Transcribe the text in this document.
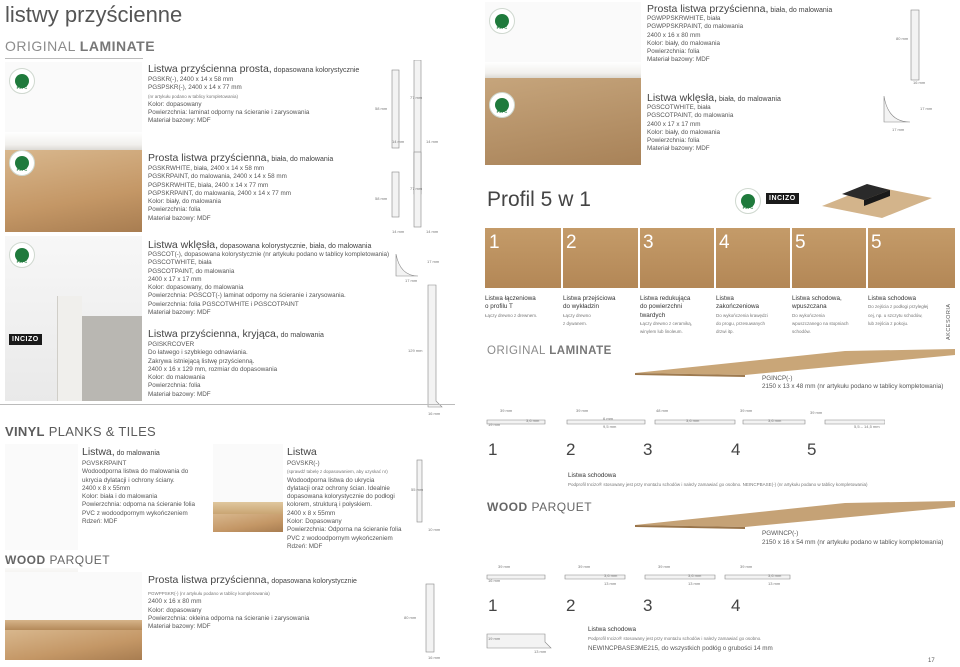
listwy przyścienne
ORIGINAL LAMINATE
PEFC
PEFC
Listwa przyścienna prosta, dopasowana kolorystycznie
PGSKR(-), 2400 x 14 x 58 mm
PGSPSKR(-), 2400 x 14 x 77 mm
(nr artykułu podano w tablicy kompletowania)
Kolor: dopasowany
Powierzchnia: laminat odporny na ścieranie i zarysowania
Materiał bazowy: MDF
Prosta listwa przyścienna, biała, do malowania
PGSKRWHITE, biała, 2400 x 14 x 58 mm
PGSKRPAINT, do malowania, 2400 x 14 x 58 mm
PGPSKRWHITE, biała, 2400 x 14 x 77 mm
PGPSKRPAINT, do malowania, 2400 x 14 x 77 mm
Kolor: biały, do malowania
Powierzchnia: folia
Materiał bazowy: MDF
58 mm
77 mm
14 mm	14 mm
58 mm
77 mm
14 mm	14 mm
PEFC
INCIZO
Listwa wklęsła, dopasowana kolorystycznie, biała, do malowania
PGSCOT(-), dopasowana kolorystycznie (nr artykułu podano w tablicy kompletowania)
PGSCOTWHITE, biała
PGSCOTPAINT, do malowania
2400 x 17 x 17 mm
Kolor: dopasowany, do malowania
Powierzchnia: PGSCOT(-) laminat odporny na ścieranie i zarysowania.
Powierzchnia: folia PGSCOTWHITE i PGSCOTPAINT
Materiał bazowy: MDF
17 mm
17 mm
Listwa przyścienna, kryjąca, do malowania
PGISKRCOVER
Do łatwego i szybkiego odnawiania.
Zakrywa istniejącą listwę przyścienną.
2400 x 16 x 129 mm, rozmiar do dopasowania
Kolor: do malowania
Powierzchnia: folia
Materiał bazowy: MDF
129 mm
16 mm
VINYL PLANKS & TILES
WOOD PARQUET
Listwa, do malowania
PGVSKRPAINT
Wodoodporna listwa do malowania do
ukrycia dylatacji i ochrony ściany.
2400 x 8 x 55mm
Kolor: biała i do malowania
Powierzchnia: odporna na ścieranie folia
PVC z wodoodpornym wykończeniem
Rdzeń: MDF
Listwa
PGVSKR(-)
(sprawdź tabelę z dopasowaniem, aby uzyskać nr)
Wodoodporna listwa do ukrycia
dylatacji oraz ochrony ścian. Idealnie
dopasowana kolorystycznie do podłogi
kolorem, strukturą i połyskiem.
2400 x 8 x 55mm
Kolor: Dopasowany
Powierzchnia: Odporna na ścieranie folia
PVC z wodoodpornym wykończeniem
Rdzeń: MDF
55 mm
10 mm
Prosta listwa przyścienna, dopasowana kolorystycznie
PGWPPSKR(-) (nr artykułu podano w tablicy kompletowania)
2400 x 16 x 80 mm
Kolor: dopasowany
Powierzchnia: okleina odporna na ścieranie i zarysowania
Materiał bazowy: MDF
80 mm
16 mm
PEFC
PEFC
Prosta listwa przyścienna, biała, do malowania
PGWPPSKRWHITE, biała
PGWPPSKRPAINT, do malowania
2400 x 16 x 80 mm
Kolor: biały, do malowania
Powierzchnia: folia
Materiał bazowy: MDF
80 mm
16 mm
Listwa wklęsła, biała, do malowania
PGSCOTWHITE, biała
PGSCOTPAINT, do malowania
2400 x 17 x 17 mm
Kolor: biały, do malowania
Powierzchnia: folia
Materiał bazowy: MDF
17 mm
17 mm
Profil 5 w 1	INCIZO
PEFC
1	2	3	4	5	5
Listwa łączeniowa
o profilu T
Łączy drewno z drewnem.
Listwa przejściowa
do wykładzin
Łączy drewno
z dywanem.
Listwa redukująca
do powierzchni
twardych
Łączy drewno z ceramiką,
winylem lub linoleum.
Listwa
zakończeniowa
Do wykończenia krawędzi
do progu, przesuwanych
drzwi itp.
Listwa schodowa,
wpuszczana
Do wykończenia
wpuszczanego na stopniach
schodów.
Listwa schodowa
Do zejścia z podłogi przyległej
cej, np. u szczytu schodów,
lub zejścia z pokoju.	AKCESORIA
ORIGINAL LAMINATE
PGINCP(-)
2150 x 13 x 48 mm (nr artykułu podano w tablicy kompletowania)
39 mm
19 mm
3,6 mm
39 mm
6 mm
9,5 mm
48 mm
3,6 mm
39 mm
3,6 mm
39 mm
5,5 – 14,5 mm
1	2	3	4	5
Listwa schodowa
Podprofil Incizo® stosowany jest przy montażu schodów i należy zamawiać go osobno. NEINCPBASE(-) (nr artykułu podano w tablicy kompletowania)
WOOD PARQUET
PGWINCP(-)
2150 x 16 x 54 mm (nr artykułu podano w tablicy kompletowania)
39 mm
16 mm
39 mm
3,6 mm
13 mm
39 mm
3,6 mm
13 mm
39 mm
3,6 mm
13 mm
1	2	3	4
19 mm
13 mm
Listwa schodowa
Podprofil Incizo® stosowany jest przy montażu schodów i należy zamawiać go osobno.
NEWINCPBASE3ME215, do wszystkich podłóg o grubości 14 mm
17
